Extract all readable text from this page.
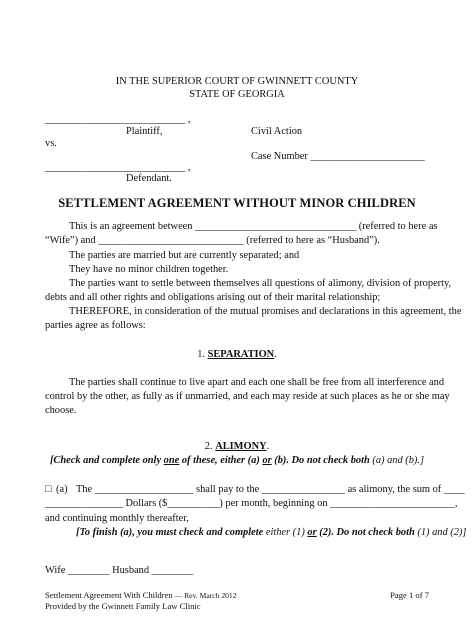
IN THE SUPERIOR COURT OF GWINNETT COUNTY
STATE OF GEORGIA
___________________________ ,
Plaintiff,	Civil Action
vs.
Case Number ______________________
___________________________ ,
Defendant.
SETTLEMENT AGREEMENT WITHOUT MINOR CHILDREN
This is an agreement between _______________________________ (referred to here as
“Wife”) and ____________________________ (referred to here as “Husband”).
The parties are married but are currently separated; and
They have no minor children together.
The parties want to settle between themselves all questions of alimony, division of property,
debts and all other rights and obligations arising out of their marital relationship;
THEREFORE, in consideration of the mutual promises and declarations in this agreement, the
parties agree as follows:
1. SEPARATION.
The parties shall continue to live apart and each one shall be free from all interference and
control by the other, as fully as if unmarried, and each may reside at such places as he or she may
choose.
2. ALIMONY.
[Check and complete only one of these, either (a) or (b). Do not check both (a) and (b).]
□ (a) The ___________________ shall pay to the ________________ as alimony, the sum of ____
_______________ Dollars ($__________) per month, beginning on ________________________,
and continuing monthly thereafter,
[To finish (a), you must check and complete either (1) or (2). Do not check both (1) and (2)]
Wife ________ Husband ________
Settlement Agreement With Children — Rev. March 2012
Provided by the Gwinnett Family Law Clinic
Page 1 of 7
